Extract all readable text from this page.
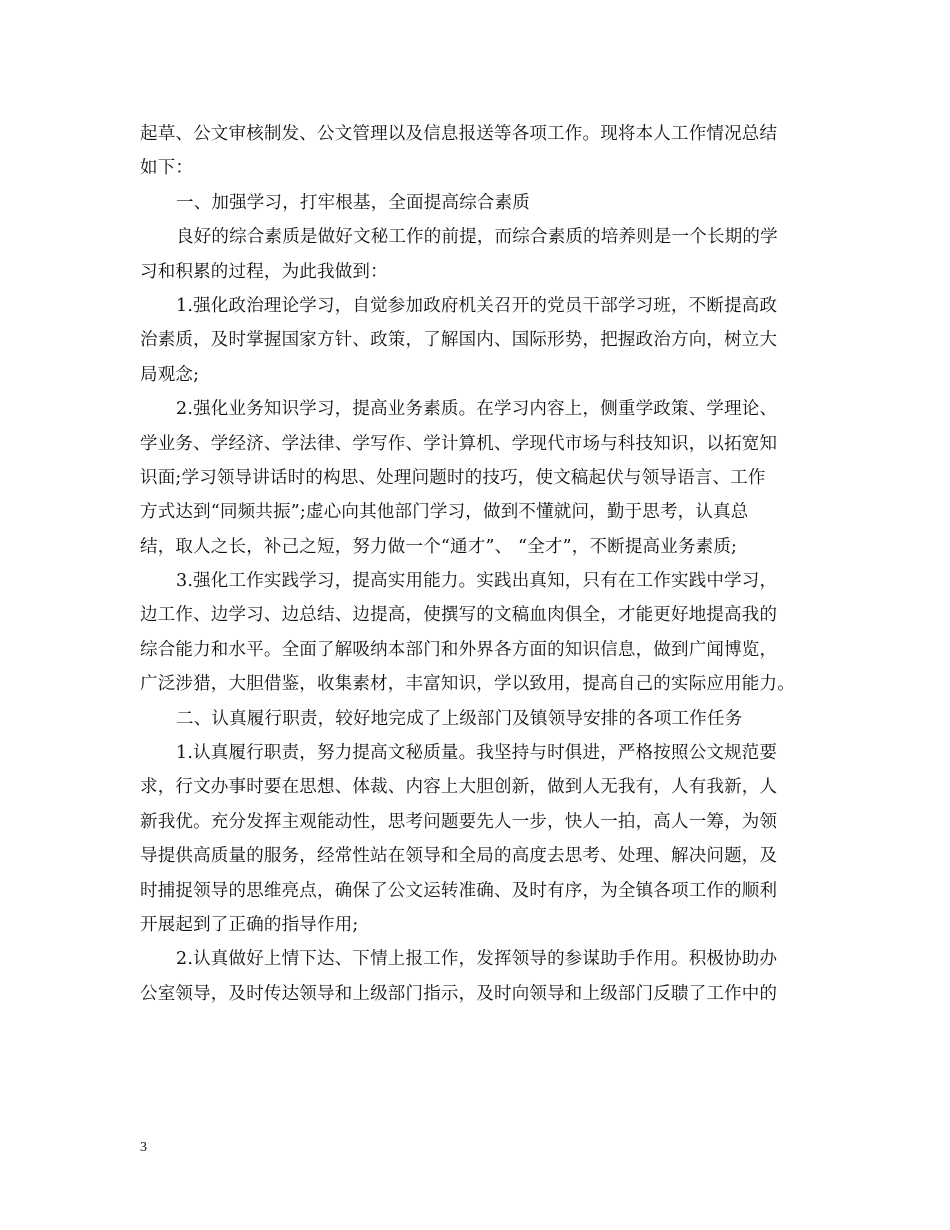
起草、公文审核制发、公文管理以及信息报送等各项工作。现将本人工作情况总结
如下：
一、加强学习，打牢根基，全面提高综合素质
良好的综合素质是做好文秘工作的前提，而综合素质的培养则是一个长期的学
习和积累的过程，为此我做到：
1.强化政治理论学习，自觉参加政府机关召开的党员干部学习班，不断提高政
治素质，及时掌握国家方针、政策，了解国内、国际形势，把握政治方向，树立大
局观念;
2.强化业务知识学习，提高业务素质。在学习内容上，侧重学政策、学理论、
学业务、学经济、学法律、学写作、学计算机、学现代市场与科技知识，以拓宽知
识面;学习领导讲话时的构思、处理问题时的技巧，使文稿起伏与领导语言、工作
方式达到“同频共振”;虚心向其他部门学习，做到不懂就问，勤于思考，认真总
结，取人之长，补己之短，努力做一个“通才”、 “全才”，不断提高业务素质;
3.强化工作实践学习，提高实用能力。实践出真知，只有在工作实践中学习，
边工作、边学习、边总结、边提高，使撰写的文稿血肉俱全，才能更好地提高我的
综合能力和水平。全面了解吸纳本部门和外界各方面的知识信息，做到广闻博览，
广泛涉猎，大胆借鉴，收集素材，丰富知识，学以致用，提高自己的实际应用能力。
二、认真履行职责，较好地完成了上级部门及镇领导安排的各项工作任务
1.认真履行职责，努力提高文秘质量。我坚持与时俱进，严格按照公文规范要
求，行文办事时要在思想、体裁、内容上大胆创新，做到人无我有，人有我新，人
新我优。充分发挥主观能动性，思考问题要先人一步，快人一拍，高人一筹，为领
导提供高质量的服务，经常性站在领导和全局的高度去思考、处理、解决问题，及
时捕捉领导的思维亮点，确保了公文运转准确、及时有序，为全镇各项工作的顺利
开展起到了正确的指导作用;
2.认真做好上情下达、下情上报工作，发挥领导的参谋助手作用。积极协助办
公室领导，及时传达领导和上级部门指示，及时向领导和上级部门反聩了工作中的
3
